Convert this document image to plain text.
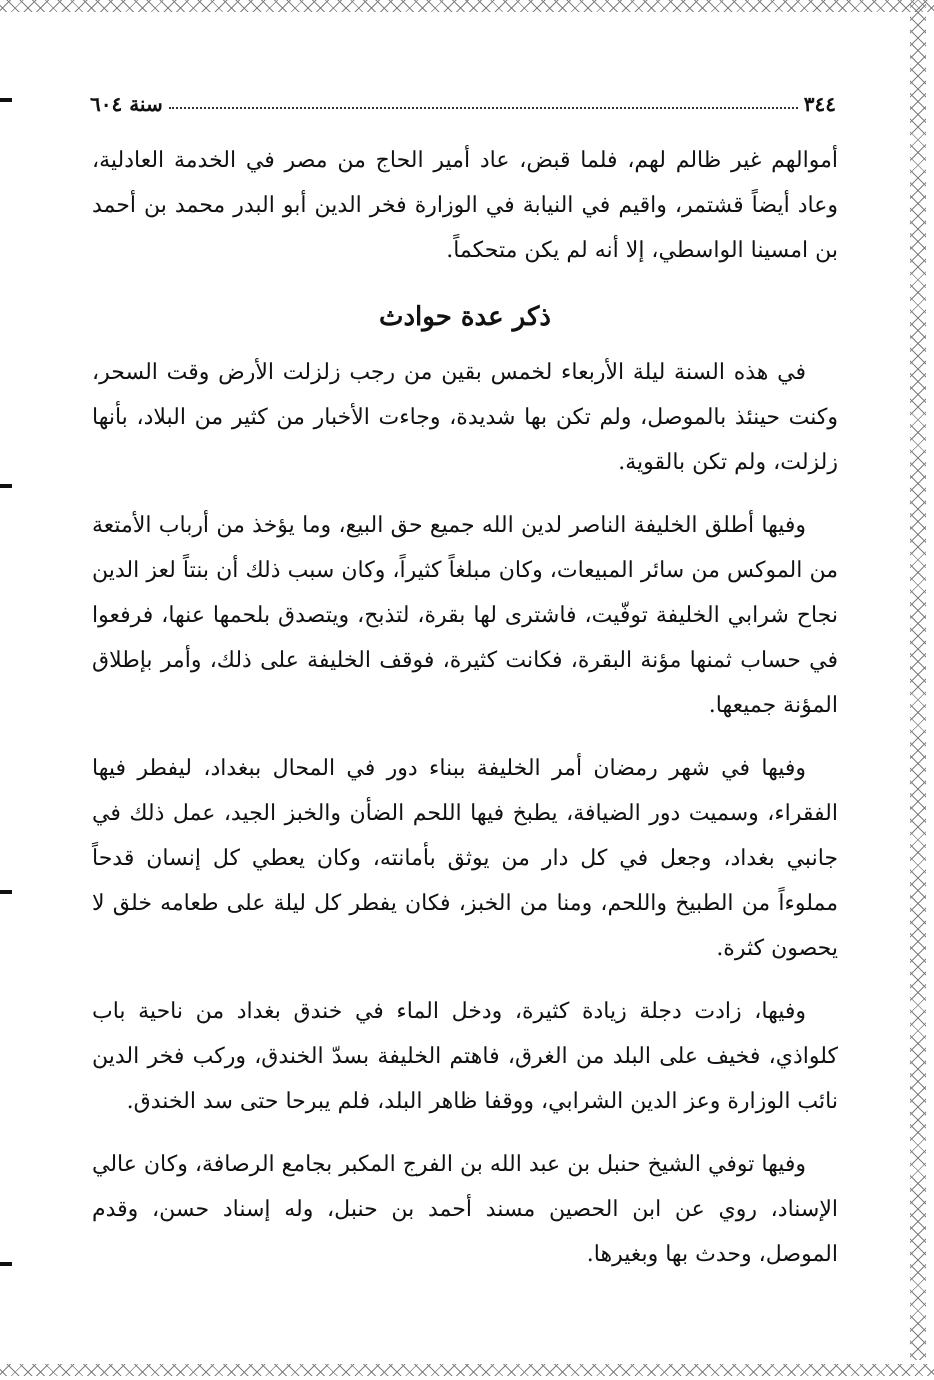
٣٤٤
سنة ٦٠٤

أموالهم غير ظالم لهم، فلما قبض، عاد أمير الحاج من مصر في الخدمة العادلية، وعاد أيضاً قشتمر، واقيم في النيابة في الوزارة فخر الدين أبو البدر محمد بن أحمد بن امسينا الواسطي، إلا أنه لم يكن متحكماً.

ذكر عدة حوادث

في هذه السنة ليلة الأربعاء لخمس بقين من رجب زلزلت الأرض وقت السحر، وكنت حينئذ بالموصل، ولم تكن بها شديدة، وجاءت الأخبار من كثير من البلاد، بأنها زلزلت، ولم تكن بالقوية.

وفيها أطلق الخليفة الناصر لدين الله جميع حق البيع، وما يؤخذ من أرباب الأمتعة من الموكس من سائر المبيعات، وكان مبلغاً كثيراً، وكان سبب ذلك أن بنتاً لعز الدين نجاح شرابي الخليفة توفّيت، فاشترى لها بقرة، لتذبح، ويتصدق بلحمها عنها، فرفعوا في حساب ثمنها مؤنة البقرة، فكانت كثيرة، فوقف الخليفة على ذلك، وأمر بإطلاق المؤنة جميعها.

وفيها في شهر رمضان أمر الخليفة ببناء دور في المحال ببغداد، ليفطر فيها الفقراء، وسميت دور الضيافة، يطبخ فيها اللحم الضأن والخبز الجيد، عمل ذلك في جانبي بغداد، وجعل في كل دار من يوثق بأمانته، وكان يعطي كل إنسان قدحاً مملوءاً من الطبيخ واللحم، ومنا من الخبز، فكان يفطر كل ليلة على طعامه خلق لا يحصون كثرة.

وفيها، زادت دجلة زيادة كثيرة، ودخل الماء في خندق بغداد من ناحية باب كلواذي، فخيف على البلد من الغرق، فاهتم الخليفة بسدّ الخندق، وركب فخر الدين نائب الوزارة وعز الدين الشرابي، ووقفا ظاهر البلد، فلم يبرحا حتى سد الخندق.

وفيها توفي الشيخ حنبل بن عبد الله بن الفرج المكبر بجامع الرصافة، وكان عالي الإسناد، روي عن ابن الحصين مسند أحمد بن حنبل، وله إسناد حسن، وقدم الموصل، وحدث بها وبغيرها.
